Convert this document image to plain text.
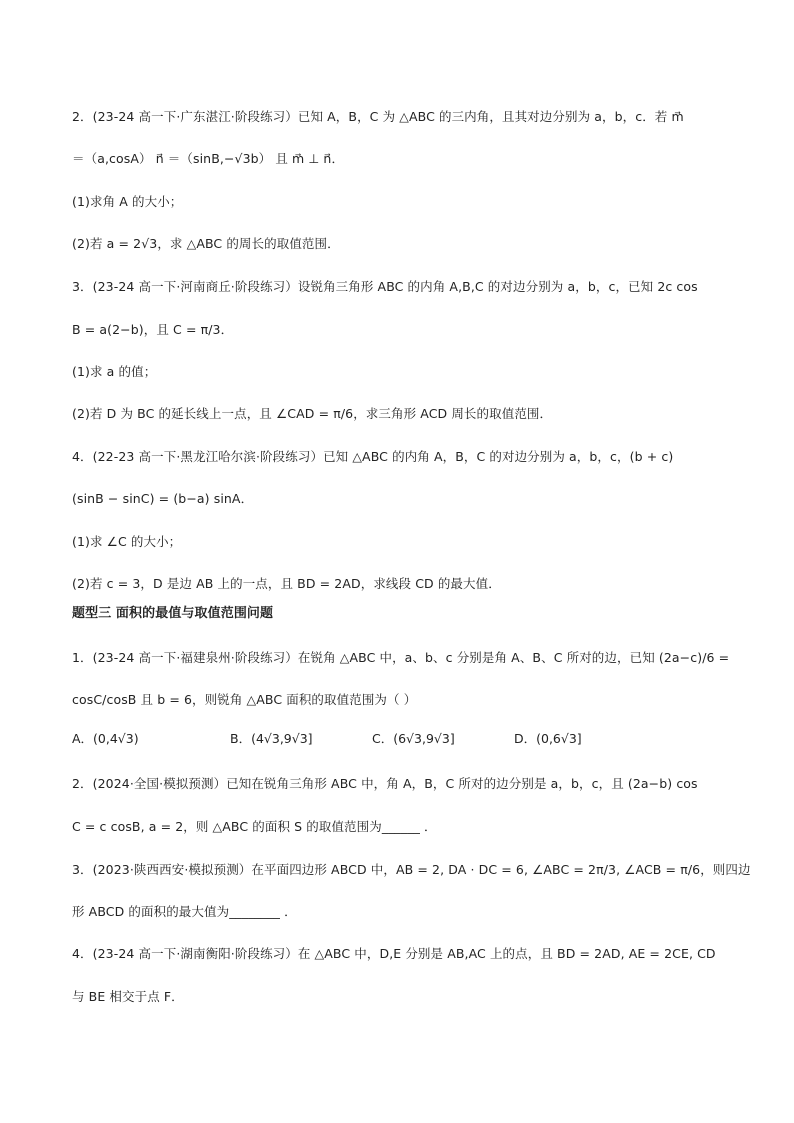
2．(23-24 高一下·广东湛江·阶段练习）已知 A，B，C 为 △ABC 的三内角，且其对边分别为 a，b，c．若 m⃗
＝（a,cosA） n⃗ ＝（sinB,−√3b） 且 m⃗ ⊥ n⃗．
(1)求角 A 的大小；
(2)若 a = 2√3，求 △ABC 的周长的取值范围．
3．(23-24 高一下·河南商丘·阶段练习）设锐角三角形 ABC 的内角 A,B,C 的对边分别为 a，b，c，已知 2c cos
B = a(2−b)，且 C = π/3．
(1)求 a 的值；
(2)若 D 为 BC 的延长线上一点，且 ∠CAD = π/6，求三角形 ACD 周长的取值范围．
4．(22-23 高一下·黑龙江哈尔滨·阶段练习）已知 △ABC 的内角 A，B，C 的对边分别为 a，b，c，(b + c)
(sinB − sinC) = (b−a) sinA．
(1)求 ∠C 的大小；
(2)若 c = 3，D 是边 AB 上的一点，且 BD = 2AD，求线段 CD 的最大值．
题型三 面积的最值与取值范围问题
1．(23-24 高一下·福建泉州·阶段练习）在锐角 △ABC 中，a、b、c 分别是角 A、B、C 所对的边，已知 (2a−c)/6 =
cosC/cosB 且 b = 6，则锐角 △ABC 面积的取值范围为（ ）
A．(0,4√3)	B．(4√3,9√3]	C．(6√3,9√3]	D．(0,6√3]
2．(2024·全国·模拟预测）已知在锐角三角形 ABC 中，角 A，B，C 所对的边分别是 a，b，c，且 (2a−b) cos
C = c cosB, a = 2，则 △ABC 的面积 S 的取值范围为______ ．
3．(2023·陕西西安·模拟预测）在平面四边形 ABCD 中，AB = 2, DA · DC = 6, ∠ABC = 2π/3, ∠ACB = π/6，则四边
形 ABCD 的面积的最大值为________ ．
4．(23-24 高一下·湖南衡阳·阶段练习）在 △ABC 中，D,E 分别是 AB,AC 上的点，且 BD = 2AD, AE = 2CE, CD
与 BE 相交于点 F．
